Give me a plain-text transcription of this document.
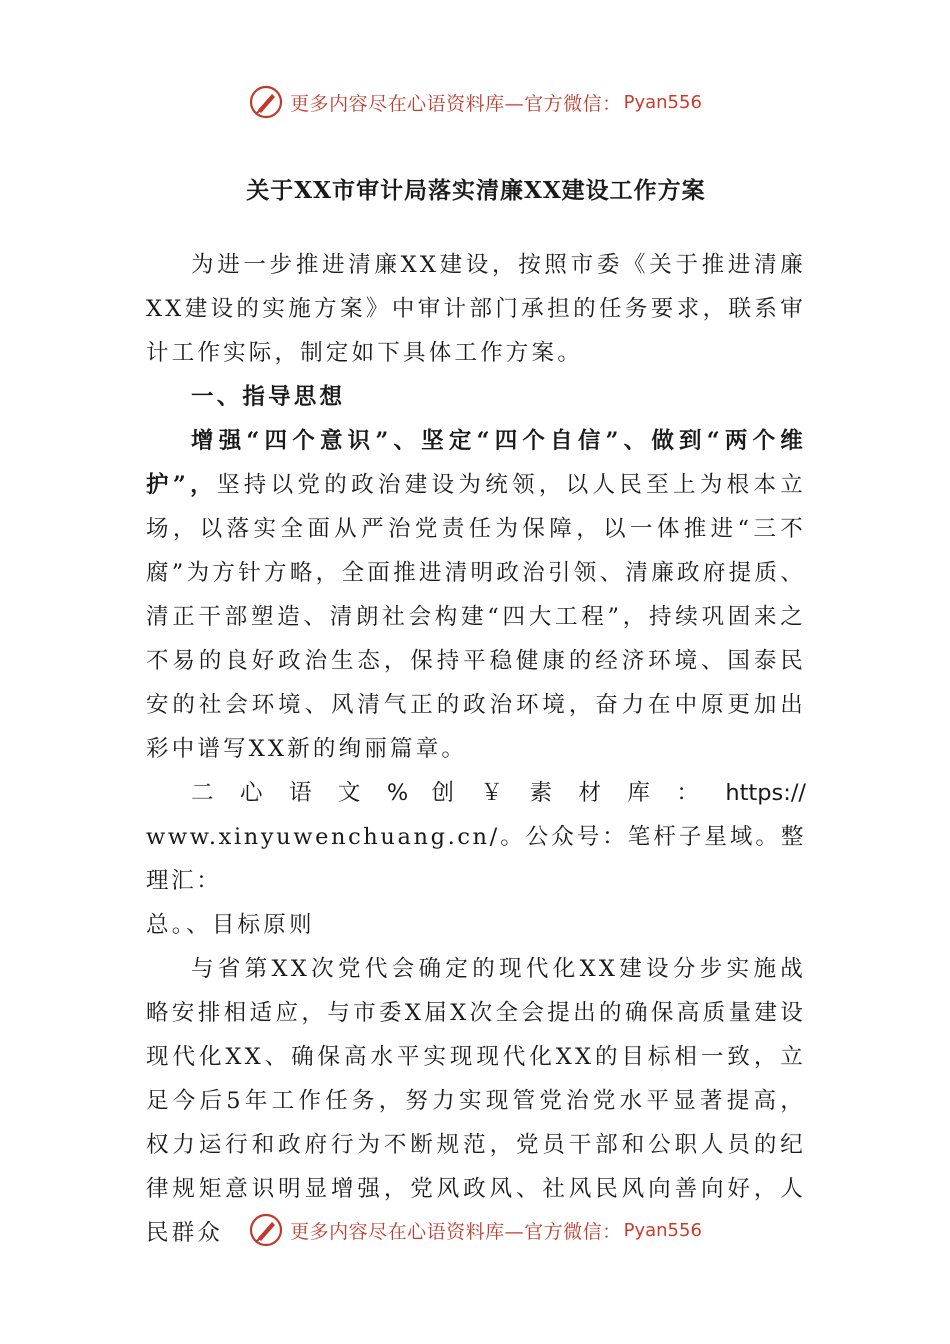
更多内容尽在心语资料库—官方微信： Pyan556
关于XX市审计局落实清廉XX建设工作方案

为进一步推进清廉XX建设，按照市委《关于推进清廉XX建设的实施方案》中审计部门承担的任务要求，联系审计工作实际，制定如下具体工作方案。

一、指导思想

增强“四个意识”、坚定“四个自信”、做到“两个维护”，坚持以党的政治建设为统领，以人民至上为根本立场，以落实全面从严治党责任为保障，以一体推进“三不腐”为方针方略，全面推进清明政治引领、清廉政府提质、清正干部塑造、清朗社会构建“四大工程”，持续巩固来之不易的良好政治生态，保持平稳健康的经济环境、国泰民安的社会环境、风清气正的政治环境，奋力在中原更加出彩中谱写XX新的绚丽篇章。

二 心 语 文 % 创 ￥ 素 材 库 ： https://

www.xinyuwenchuang.cn/。公众号：笔杆子星域。整理汇：

总。、目标原则

与省第XX次党代会确定的现代化XX建设分步实施战略安排相适应，与市委X届X次全会提出的确保高质量建设现代化XX、确保高水平实现现代化XX的目标相一致，立足今后5年工作任务，努力实现管党治党水平显著提高，权力运行和政府行为不断规范，党员干部和公职人员的纪律规矩意识明显增强，党风政风、社风民风向善向好，人民群众	更多内容尽在心语资料库—官方微信： Pyan556
